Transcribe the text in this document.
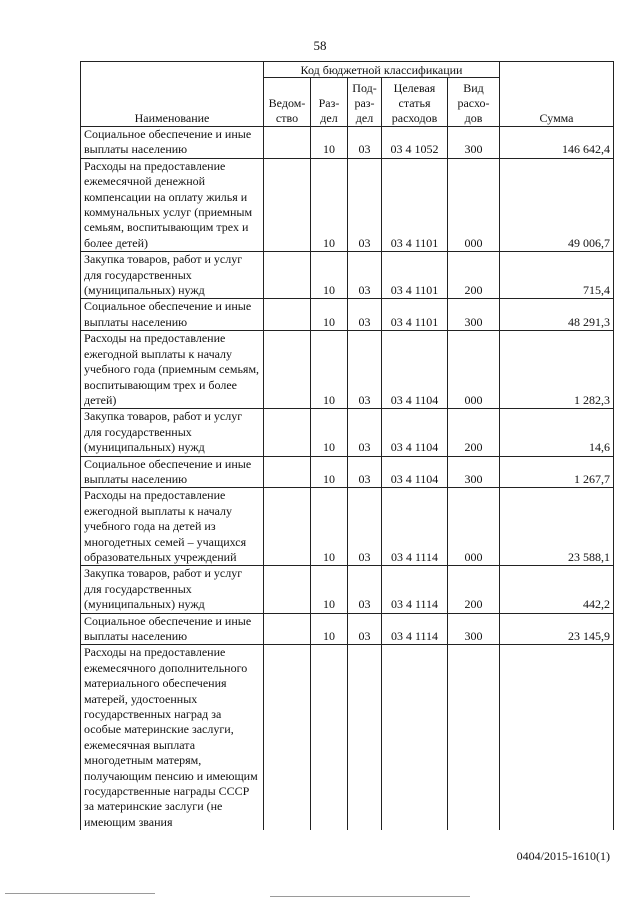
58
Наименование	Код бюджетной классификации					Сумма
	Ведом-ство	Раз-дел	Под-раз-дел	Целевая статья расходов	Вид расхо-дов	
Социальное обеспечение и иные выплаты населению		10	03	03 4 1052	300	146 642,4
Расходы на предоставление ежемесячной денежной компенсации на оплату жилья и коммунальных услуг (приемным семьям, воспитывающим трех и более детей)		10	03	03 4 1101	000	49 006,7
Закупка товаров, работ и услуг для государственных (муниципальных) нужд		10	03	03 4 1101	200	715,4
Социальное обеспечение и иные выплаты населению		10	03	03 4 1101	300	48 291,3
Расходы на предоставление ежегодной выплаты к началу учебного года (приемным семьям, воспитывающим трех и более детей)		10	03	03 4 1104	000	1 282,3
Закупка товаров, работ и услуг для государственных (муниципальных) нужд		10	03	03 4 1104	200	14,6
Социальное обеспечение и иные выплаты населению		10	03	03 4 1104	300	1 267,7
Расходы на предоставление ежегодной выплаты к началу учебного года на детей из многодетных семей – учащихся образовательных учреждений		10	03	03 4 1114	000	23 588,1
Закупка товаров, работ и услуг для государственных (муниципальных) нужд		10	03	03 4 1114	200	442,2
Социальное обеспечение и иные выплаты населению		10	03	03 4 1114	300	23 145,9
Расходы на предоставление ежемесячного дополнительного материального обеспечения матерей, удостоенных государственных наград за особые материнские заслуги, ежемесячная выплата многодетным матерям, получающим пенсию и имеющим государственные награды СССР за материнские заслуги (не имеющим звания						
0404/2015-1610(1)
